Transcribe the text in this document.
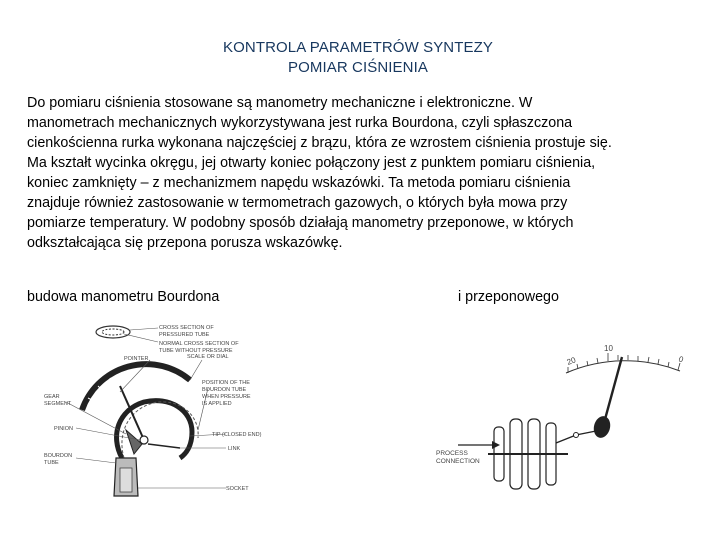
KONTROLA PARAMETRÓW SYNTEZY
POMIAR CIŚNIENIA
Do pomiaru ciśnienia stosowane są manometry mechaniczne i elektroniczne. W
manometrach mechanicznych wykorzystywana jest rurka Bourdona, czyli spłaszczona
cienkościenna rurka wykonana najczęściej z brązu, która ze wzrostem ciśnienia prostuje się.
Ma kształt wycinka okręgu, jej otwarty koniec połączony jest z punktem pomiaru ciśnienia,
koniec zamknięty – z mechanizmem napędu wskazówki. Ta metoda pomiaru ciśnienia
znajduje również zastosowanie w termometrach gazowych, o których była mowa przy
pomiarze temperatury. W podobny sposób działają manometry przeponowe, w których
odkształcająca się przepona porusza wskazówkę.
budowa manometru Bourdona	i przeponowego
CROSS SECTION OF
PRESSURED TUBE
NORMAL CROSS SECTION OF
TUBE WITHOUT PRESSURE
POINTER	SCALE OR DIAL
POSITION OF THE
BOURDON TUBE
WHEN PRESSURE
IS APPLIED
GEAR
SEGMENT
TIP (CLOSED END)
PINION
LINK
BOURDON
TUBE
SOCKET
20
10
0
PROCESS
CONNECTION
